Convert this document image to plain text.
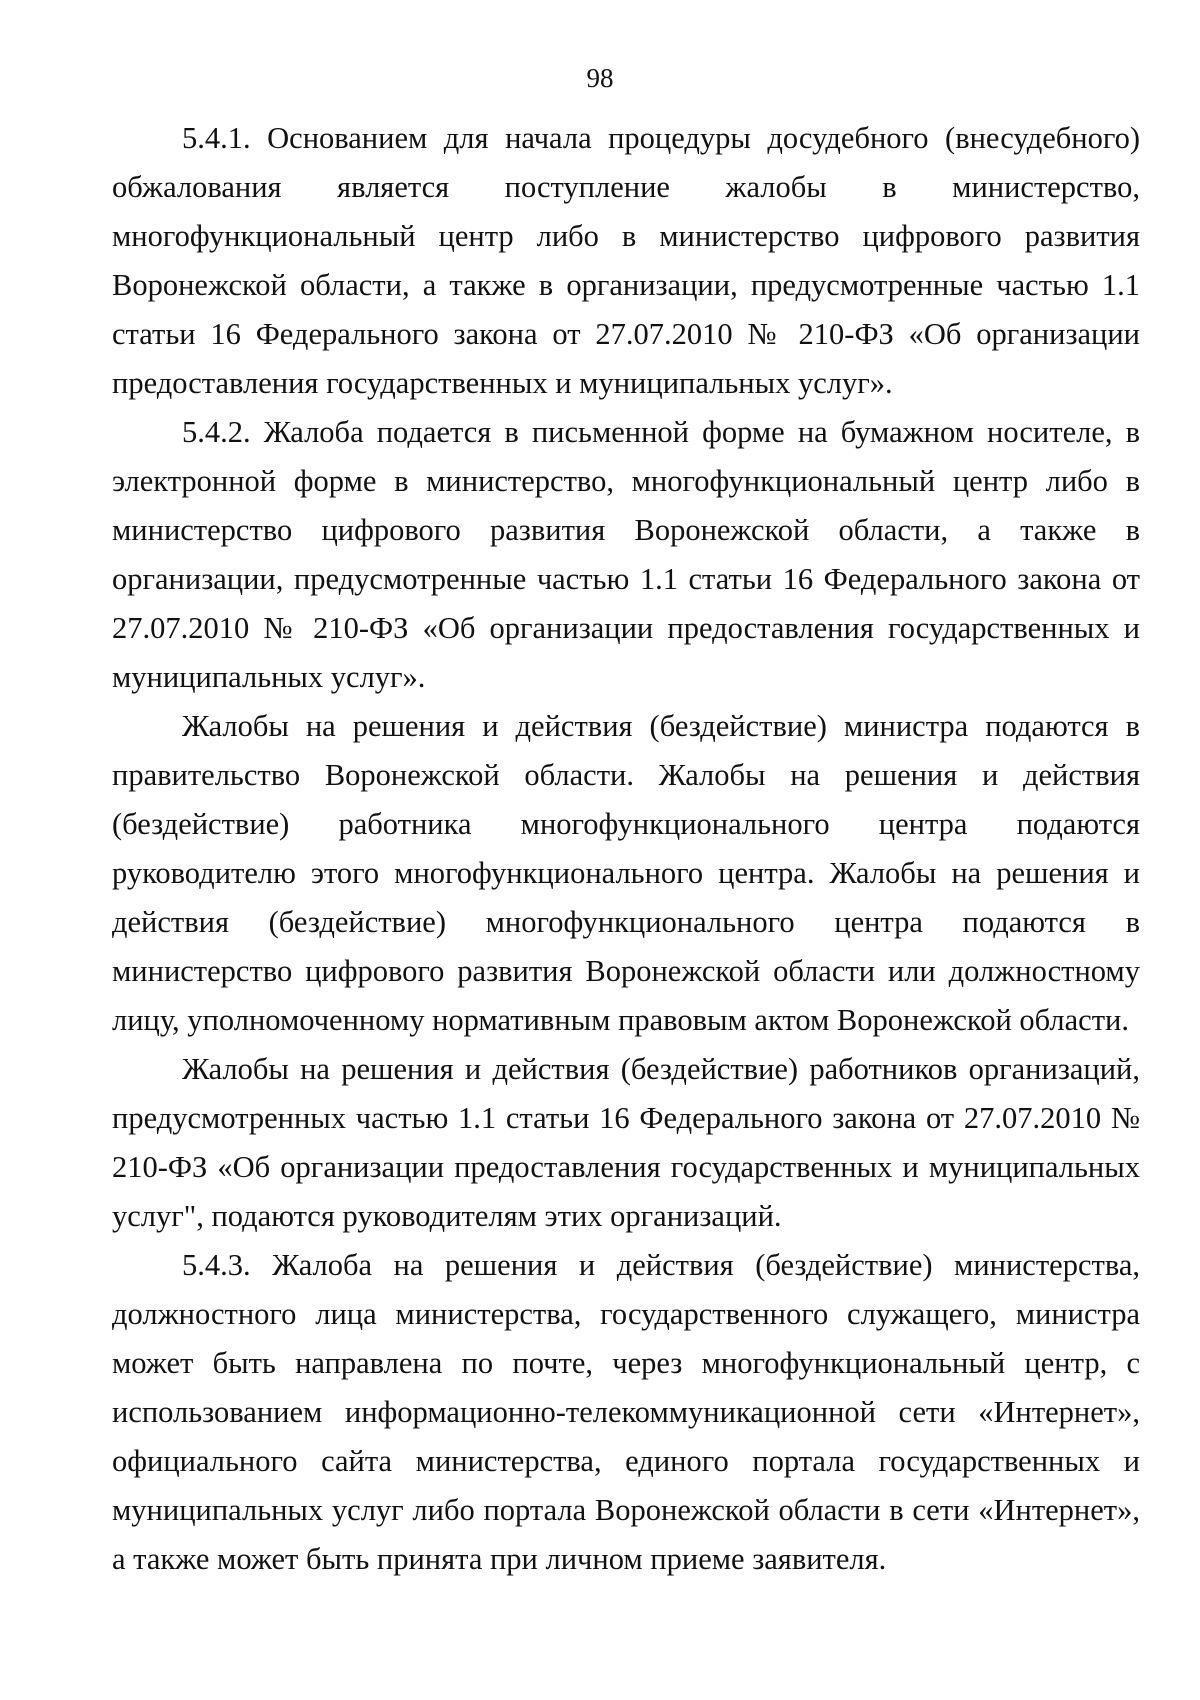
98

5.4.1. Основанием для начала процедуры досудебного (внесудебного) обжалования является поступление жалобы в министерство, многофункциональный центр либо в министерство цифрового развития Воронежской области, а также в организации, предусмотренные частью 1.1 статьи 16 Федерального закона от 27.07.2010 № 210-ФЗ «Об организации предоставления государственных и муниципальных услуг».

5.4.2. Жалоба подается в письменной форме на бумажном носителе, в электронной форме в министерство, многофункциональный центр либо в министерство цифрового развития Воронежской области, а также в организации, предусмотренные частью 1.1 статьи 16 Федерального закона от 27.07.2010 № 210-ФЗ «Об организации предоставления государственных и муниципальных услуг».

Жалобы на решения и действия (бездействие) министра подаются в правительство Воронежской области. Жалобы на решения и действия (бездействие) работника многофункционального центра подаются руководителю этого многофункционального центра. Жалобы на решения и действия (бездействие) многофункционального центра подаются в министерство цифрового развития Воронежской области или должностному лицу, уполномоченному нормативным правовым актом Воронежской области.

Жалобы на решения и действия (бездействие) работников организаций, предусмотренных частью 1.1 статьи 16 Федерального закона от 27.07.2010 № 210-ФЗ «Об организации предоставления государственных и муниципальных услуг", подаются руководителям этих организаций.

5.4.3. Жалоба на решения и действия (бездействие) министерства, должностного лица министерства, государственного служащего, министра может быть направлена по почте, через многофункциональный центр, с использованием информационно-телекоммуникационной сети «Интернет», официального сайта министерства, единого портала государственных и муниципальных услуг либо портала Воронежской области в сети «Интернет», а также может быть принята при личном приеме заявителя.
